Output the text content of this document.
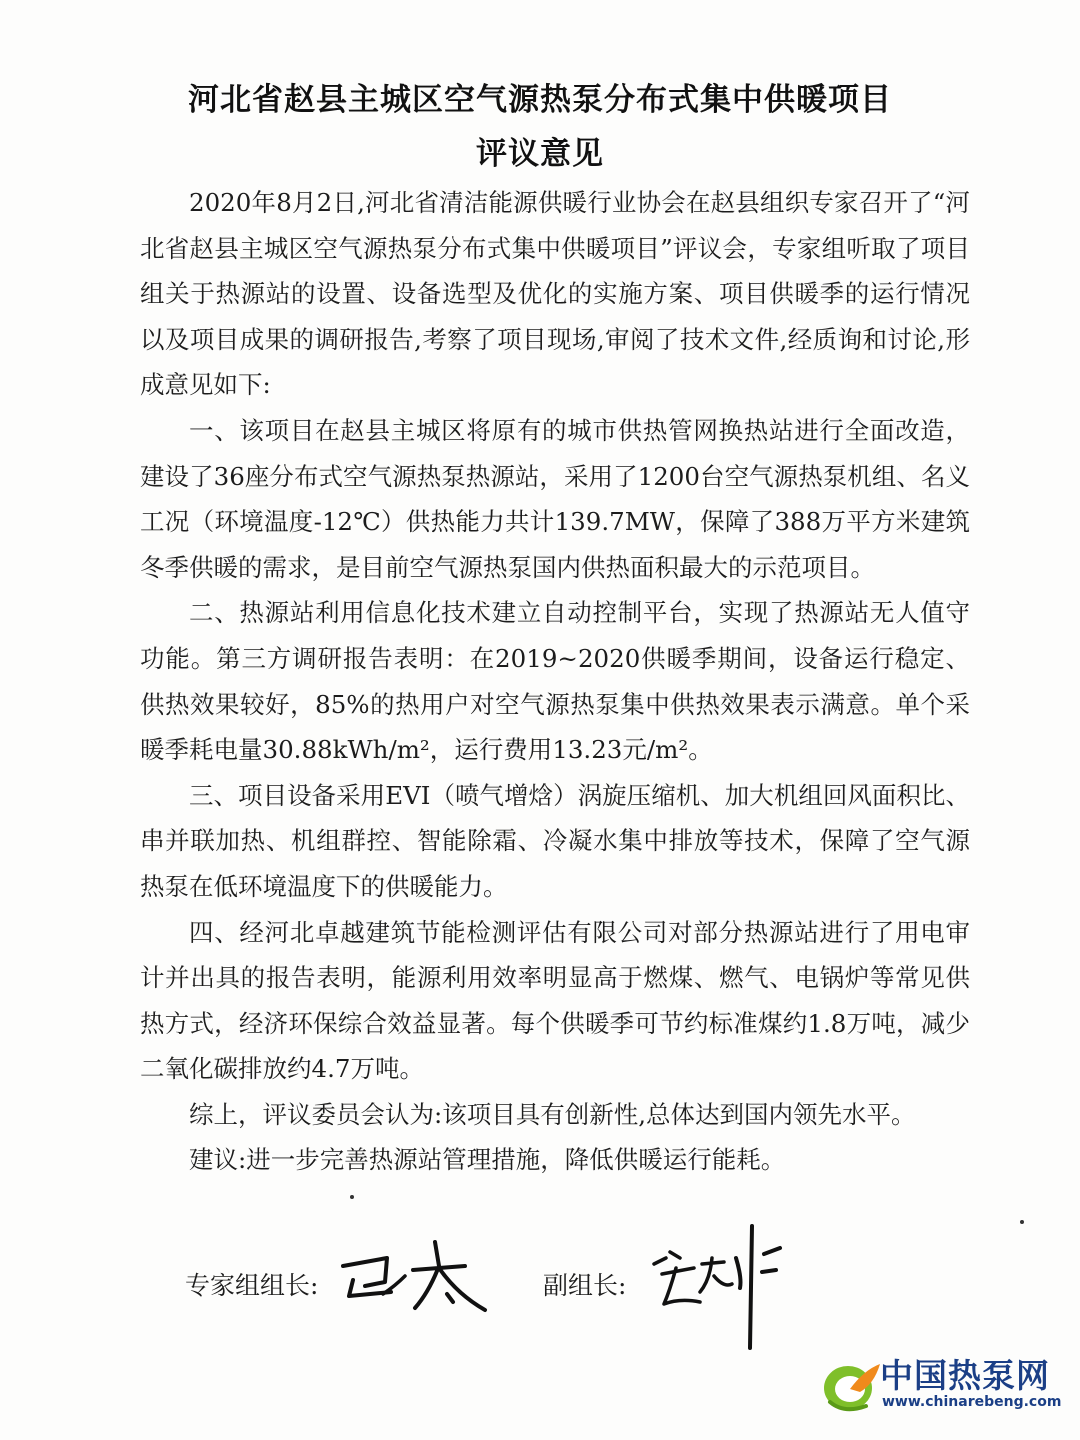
河北省赵县主城区空气源热泵分布式集中供暖项目
评议意见

2020年8月2日,河北省清洁能源供暖行业协会在赵县组织专家召开了“河北省赵县主城区空气源热泵分布式集中供暖项目”评议会，专家组听取了项目组关于热源站的设置、设备选型及优化的实施方案、项目供暖季的运行情况以及项目成果的调研报告,考察了项目现场,审阅了技术文件,经质询和讨论,形成意见如下:

一、该项目在赵县主城区将原有的城市供热管网换热站进行全面改造，建设了36座分布式空气源热泵热源站，采用了1200台空气源热泵机组、名义工况（环境温度-12℃）供热能力共计139.7MW，保障了388万平方米建筑冬季供暖的需求，是目前空气源热泵国内供热面积最大的示范项目。

二、热源站利用信息化技术建立自动控制平台，实现了热源站无人值守功能。第三方调研报告表明：在2019~2020供暖季期间，设备运行稳定、供热效果较好，85%的热用户对空气源热泵集中供热效果表示满意。单个采暖季耗电量30.88kWh/m²，运行费用13.23元/m²。

三、项目设备采用EVI（喷气增焓）涡旋压缩机、加大机组回风面积比、串并联加热、机组群控、智能除霜、冷凝水集中排放等技术，保障了空气源热泵在低环境温度下的供暖能力。

四、经河北卓越建筑节能检测评估有限公司对部分热源站进行了用电审计并出具的报告表明，能源利用效率明显高于燃煤、燃气、电锅炉等常见供热方式，经济环保综合效益显著。每个供暖季可节约标准煤约1.8万吨，减少二氧化碳排放约4.7万吨。

综上，评议委员会认为:该项目具有创新性,总体达到国内领先水平。

建议:进一步完善热源站管理措施，降低供暖运行能耗。

专家组组长:	副组长:
中国热泵网
www.chinarebeng.com
